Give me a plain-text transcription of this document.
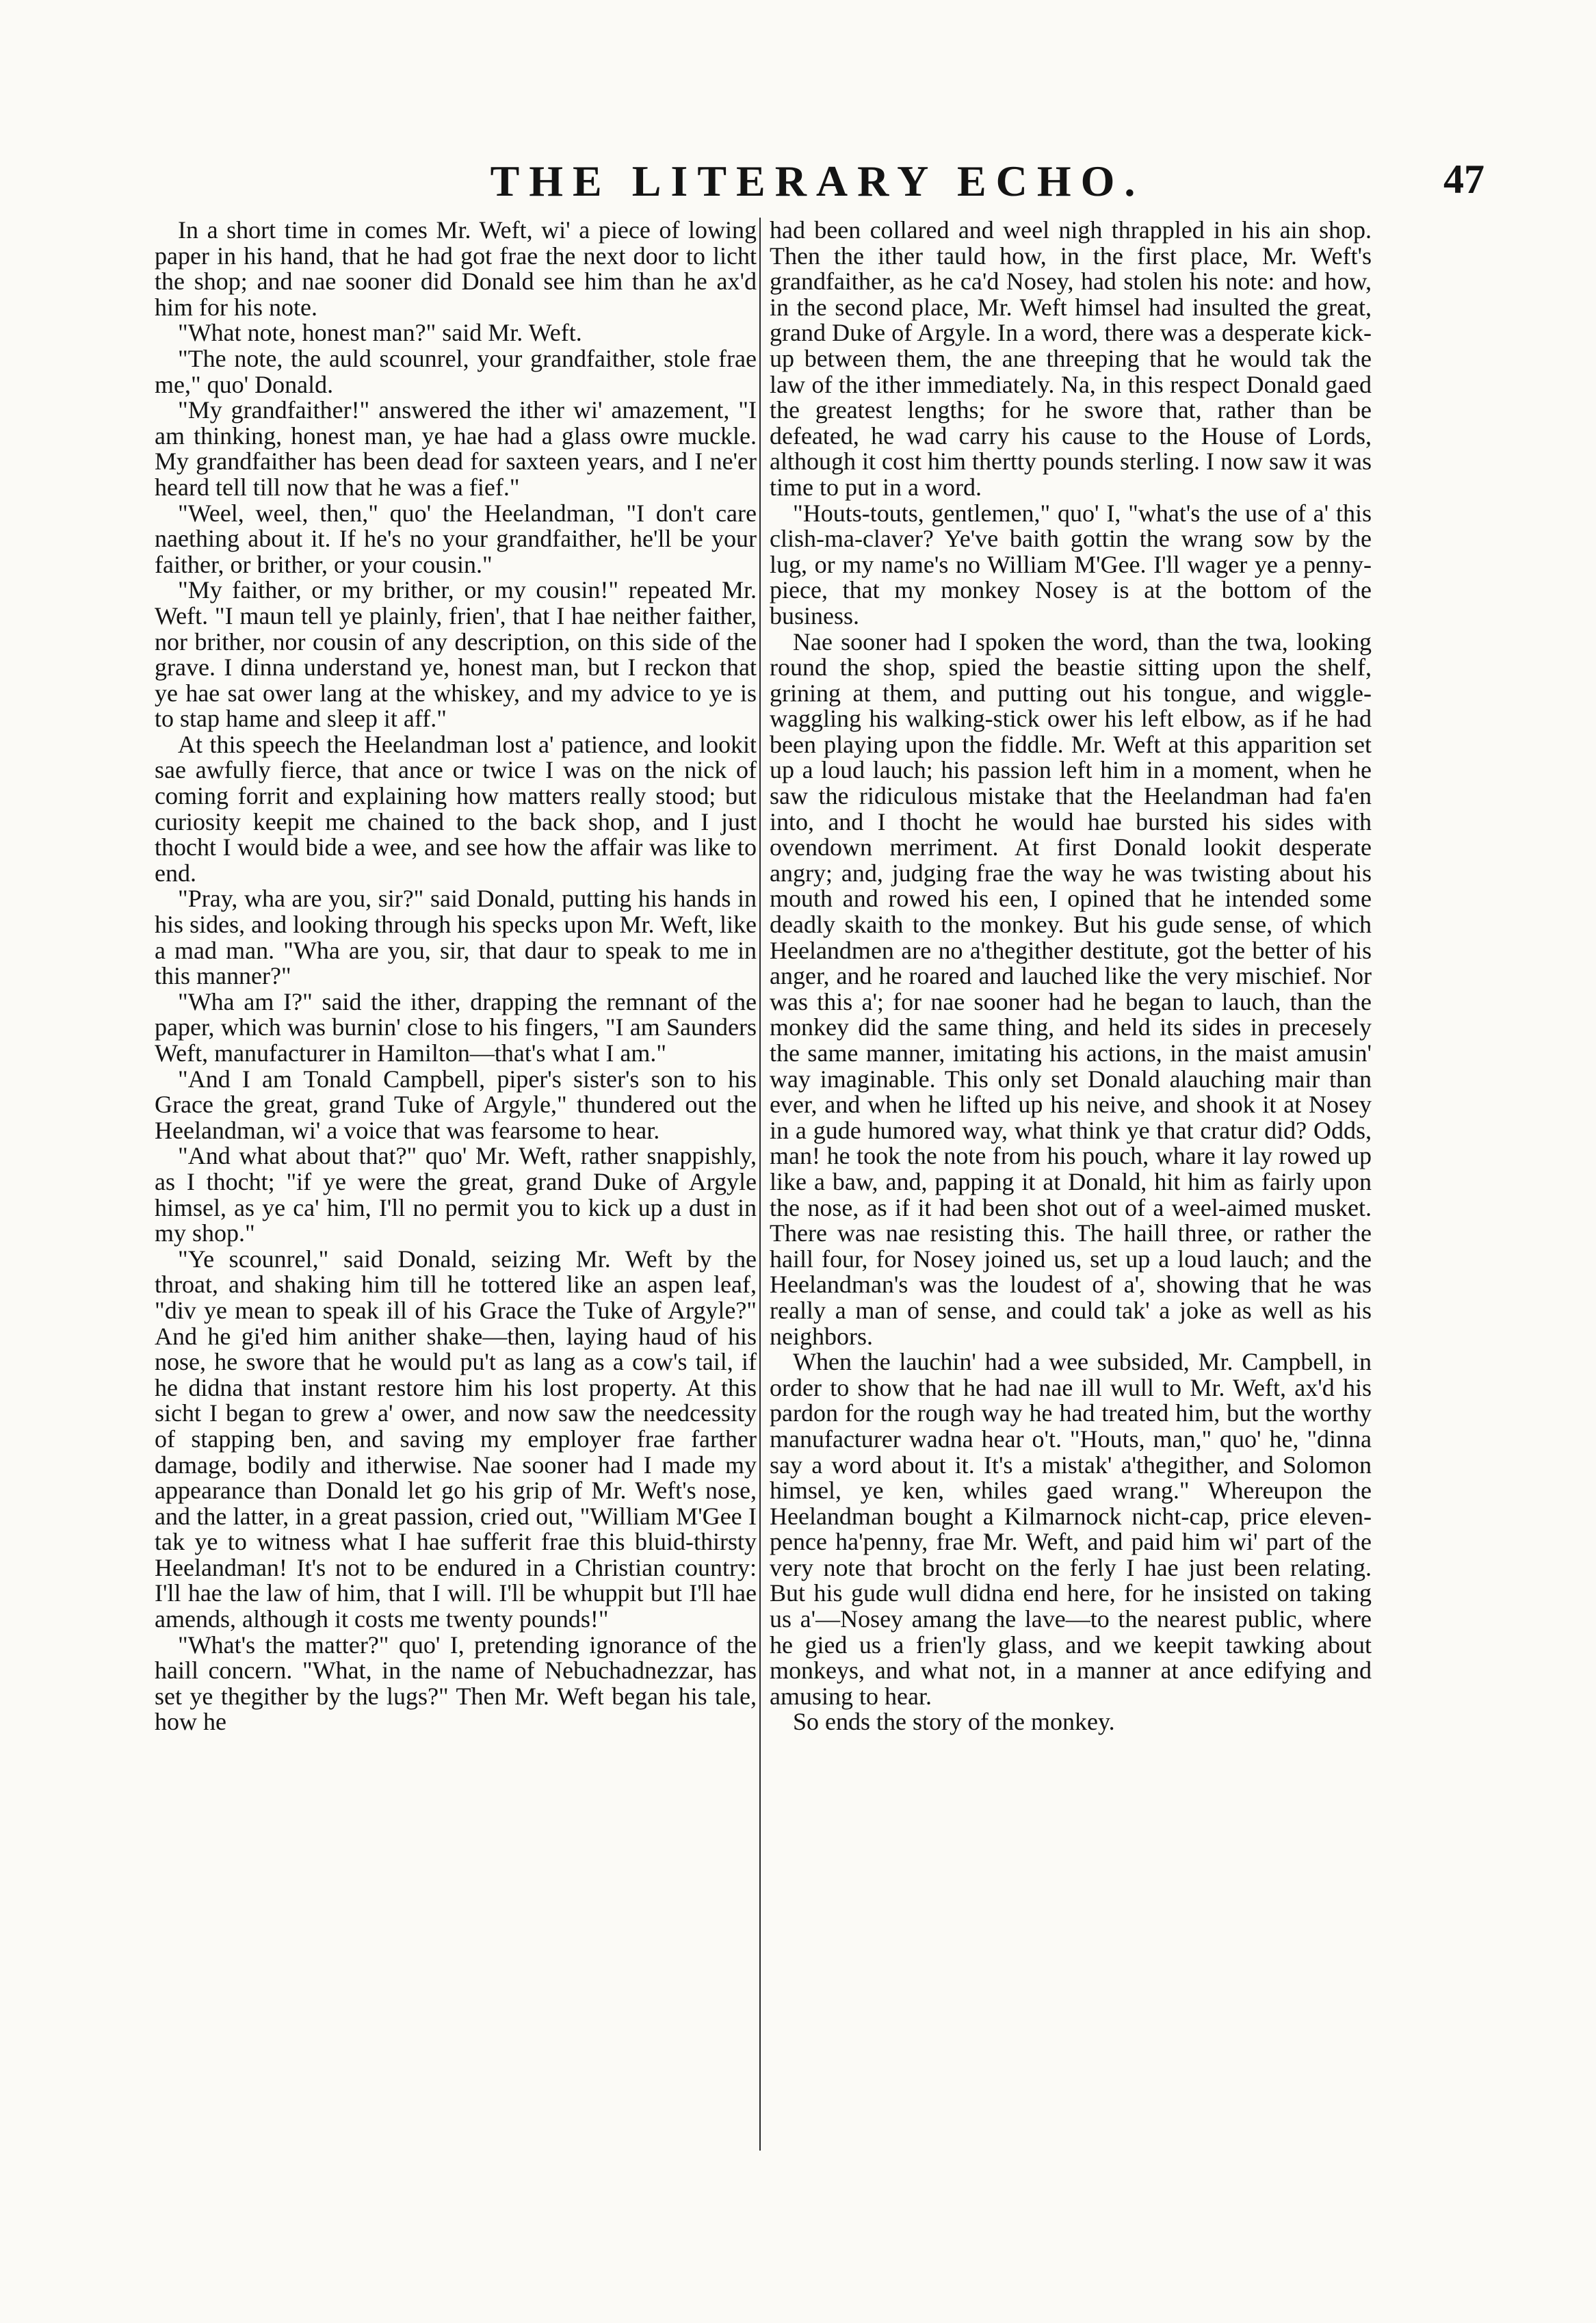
THE LITERARY ECHO.	47

In a short time in comes Mr. Weft, wi' a piece of lowing paper in his hand, that he had got frae the next door to licht the shop; and nae sooner did Donald see him than he ax'd him for his note.

"What note, honest man?" said Mr. Weft.

"The note, the auld scounrel, your grandfaither, stole frae me," quo' Donald.

"My grandfaither!" answered the ither wi' amazement, "I am thinking, honest man, ye hae had a glass owre muckle. My grandfaither has been dead for saxteen years, and I ne'er heard tell till now that he was a fief."

"Weel, weel, then," quo' the Heelandman, "I don't care naething about it. If he's no your grandfaither, he'll be your faither, or brither, or your cousin."

"My faither, or my brither, or my cousin!" repeated Mr. Weft. "I maun tell ye plainly, frien', that I hae neither faither, nor brither, nor cousin of any description, on this side of the grave. I dinna understand ye, honest man, but I reckon that ye hae sat ower lang at the whiskey, and my advice to ye is to stap hame and sleep it aff."

At this speech the Heelandman lost a' patience, and lookit sae awfully fierce, that ance or twice I was on the nick of coming forrit and explaining how matters really stood; but curiosity keepit me chained to the back shop, and I just thocht I would bide a wee, and see how the affair was like to end.

"Pray, wha are you, sir?" said Donald, putting his hands in his sides, and looking through his specks upon Mr. Weft, like a mad man. "Wha are you, sir, that daur to speak to me in this manner?"

"Wha am I?" said the ither, drapping the remnant of the paper, which was burnin' close to his fingers, "I am Saunders Weft, manufacturer in Hamilton—that's what I am."

"And I am Tonald Campbell, piper's sister's son to his Grace the great, grand Tuke of Argyle," thundered out the Heelandman, wi' a voice that was fearsome to hear.

"And what about that?" quo' Mr. Weft, rather snappishly, as I thocht; "if ye were the great, grand Duke of Argyle himsel, as ye ca' him, I'll no permit you to kick up a dust in my shop."

"Ye scounrel," said Donald, seizing Mr. Weft by the throat, and shaking him till he tottered like an aspen leaf, "div ye mean to speak ill of his Grace the Tuke of Argyle?" And he gi'ed him anither shake—then, laying haud of his nose, he swore that he would pu't as lang as a cow's tail, if he didna that instant restore him his lost property. At this sicht I began to grew a' ower, and now saw the needcessity of stapping ben, and saving my employer frae farther damage, bodily and itherwise. Nae sooner had I made my appearance than Donald let go his grip of Mr. Weft's nose, and the latter, in a great passion, cried out, "William M'Gee I tak ye to witness what I hae sufferit frae this bluid-thirsty Heelandman! It's not to be endured in a Christian country: I'll hae the law of him, that I will. I'll be whuppit but I'll hae amends, although it costs me twenty pounds!"

"What's the matter?" quo' I, pretending ignorance of the haill concern. "What, in the name of Nebuchadnezzar, has set ye thegither by the lugs?" Then Mr. Weft began his tale, how he

had been collared and weel nigh thrappled in his ain shop. Then the ither tauld how, in the first place, Mr. Weft's grandfaither, as he ca'd Nosey, had stolen his note: and how, in the second place, Mr. Weft himsel had insulted the great, grand Duke of Argyle. In a word, there was a desperate kick-up between them, the ane threeping that he would tak the law of the ither immediately. Na, in this respect Donald gaed the greatest lengths; for he swore that, rather than be defeated, he wad carry his cause to the House of Lords, although it cost him thertty pounds sterling. I now saw it was time to put in a word.

"Houts-touts, gentlemen," quo' I, "what's the use of a' this clish-ma-claver? Ye've baith gottin the wrang sow by the lug, or my name's no William M'Gee. I'll wager ye a penny-piece, that my monkey Nosey is at the bottom of the business.

Nae sooner had I spoken the word, than the twa, looking round the shop, spied the beastie sitting upon the shelf, grining at them, and putting out his tongue, and wiggle-waggling his walking-stick ower his left elbow, as if he had been playing upon the fiddle. Mr. Weft at this apparition set up a loud lauch; his passion left him in a moment, when he saw the ridiculous mistake that the Heelandman had fa'en into, and I thocht he would hae bursted his sides with ovendown merriment. At first Donald lookit desperate angry; and, judging frae the way he was twisting about his mouth and rowed his een, I opined that he intended some deadly skaith to the monkey. But his gude sense, of which Heelandmen are no a'thegither destitute, got the better of his anger, and he roared and lauched like the very mischief. Nor was this a'; for nae sooner had he began to lauch, than the monkey did the same thing, and held its sides in precesely the same manner, imitating his actions, in the maist amusin' way imaginable. This only set Donald alauching mair than ever, and when he lifted up his neive, and shook it at Nosey in a gude humored way, what think ye that cratur did? Odds, man! he took the note from his pouch, whare it lay rowed up like a baw, and, papping it at Donald, hit him as fairly upon the nose, as if it had been shot out of a weel-aimed musket. There was nae resisting this. The haill three, or rather the haill four, for Nosey joined us, set up a loud lauch; and the Heelandman's was the loudest of a', showing that he was really a man of sense, and could tak' a joke as well as his neighbors.

When the lauchin' had a wee subsided, Mr. Campbell, in order to show that he had nae ill wull to Mr. Weft, ax'd his pardon for the rough way he had treated him, but the worthy manufacturer wadna hear o't. "Houts, man," quo' he, "dinna say a word about it. It's a mistak' a'thegither, and Solomon himsel, ye ken, whiles gaed wrang." Whereupon the Heelandman bought a Kilmarnock nicht-cap, price eleven-pence ha'penny, frae Mr. Weft, and paid him wi' part of the very note that brocht on the ferly I hae just been relating. But his gude wull didna end here, for he insisted on taking us a'—Nosey amang the lave—to the nearest public, where he gied us a frien'ly glass, and we keepit tawking about monkeys, and what not, in a manner at ance edifying and amusing to hear.

So ends the story of the monkey.
